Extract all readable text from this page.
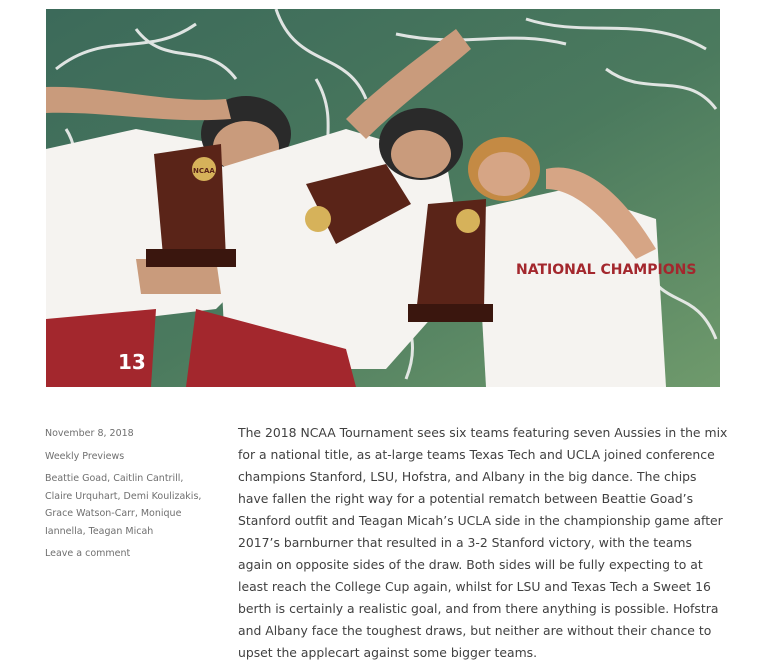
13
NATIONAL CHAMPIONS
NCAA
November 8, 2018
Weekly Previews
Beattie Goad, Caitlin Cantrill, Claire Urquhart, Demi Koulizakis, Grace Watson-Carr, Monique Iannella, Teagan Micah
Leave a comment

The 2018 NCAA Tournament sees six teams featuring seven Aussies in the mix for a national title, as at-large teams Texas Tech and UCLA joined conference champions Stanford, LSU, Hofstra, and Albany in the big dance. The chips have fallen the right way for a potential rematch between Beattie Goad’s Stanford outfit and Teagan Micah’s UCLA side in the championship game after 2017’s barnburner that resulted in a 3-2 Stanford victory, with the teams again on opposite sides of the draw. Both sides will be fully expecting to at least reach the College Cup again, whilst for LSU and Texas Tech a Sweet 16 berth is certainly a realistic goal, and from there anything is possible. Hofstra and Albany face the toughest draws, but neither are without their chance to upset the applecart against some bigger teams.
